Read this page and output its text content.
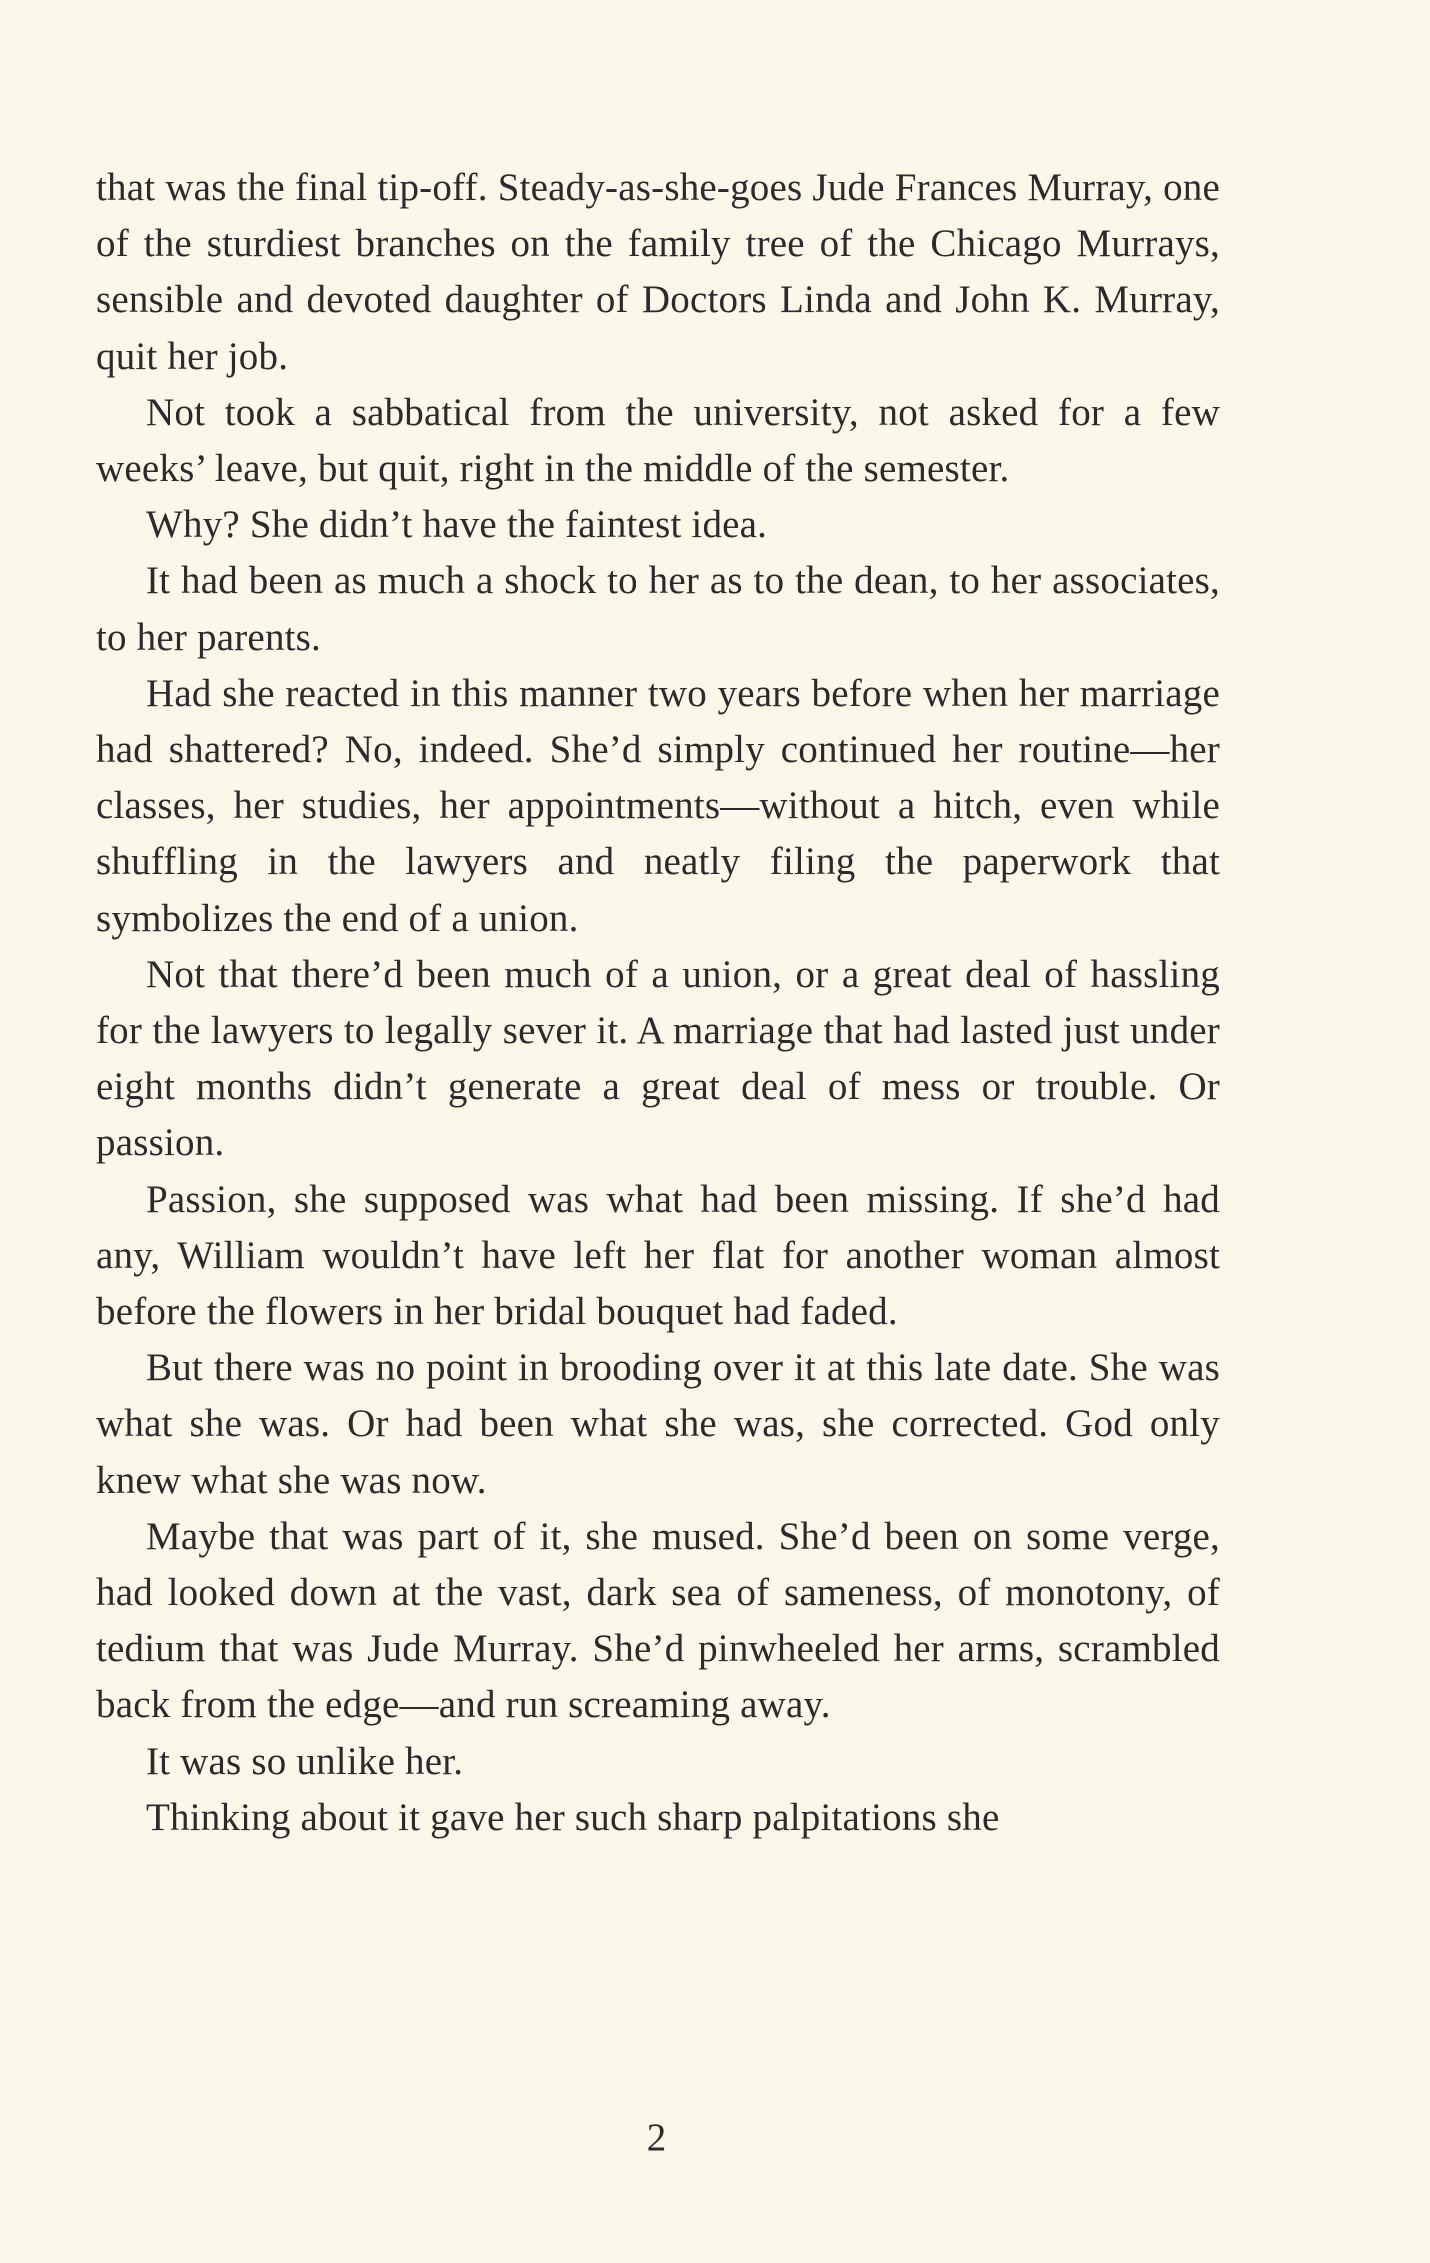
that was the final tip-off. Steady-as-she-goes Jude Frances Murray, one of the sturdiest branches on the family tree of the Chicago Murrays, sensible and devoted daughter of Doctors Linda and John K. Murray, quit her job.

Not took a sabbatical from the university, not asked for a few weeks’ leave, but quit, right in the middle of the semester.

Why? She didn’t have the faintest idea.

It had been as much a shock to her as to the dean, to her associates, to her parents.

Had she reacted in this manner two years before when her marriage had shattered? No, indeed. She’d simply continued her routine—her classes, her studies, her appointments—without a hitch, even while shuffling in the lawyers and neatly filing the paperwork that symbolizes the end of a union.

Not that there’d been much of a union, or a great deal of hassling for the lawyers to legally sever it. A marriage that had lasted just under eight months didn’t generate a great deal of mess or trouble. Or passion.

Passion, she supposed was what had been missing. If she’d had any, William wouldn’t have left her flat for another woman almost before the flowers in her bridal bouquet had faded.

But there was no point in brooding over it at this late date. She was what she was. Or had been what she was, she corrected. God only knew what she was now.

Maybe that was part of it, she mused. She’d been on some verge, had looked down at the vast, dark sea of sameness, of monotony, of tedium that was Jude Murray. She’d pinwheeled her arms, scrambled back from the edge—and run screaming away.

It was so unlike her.

Thinking about it gave her such sharp palpitations she

2
